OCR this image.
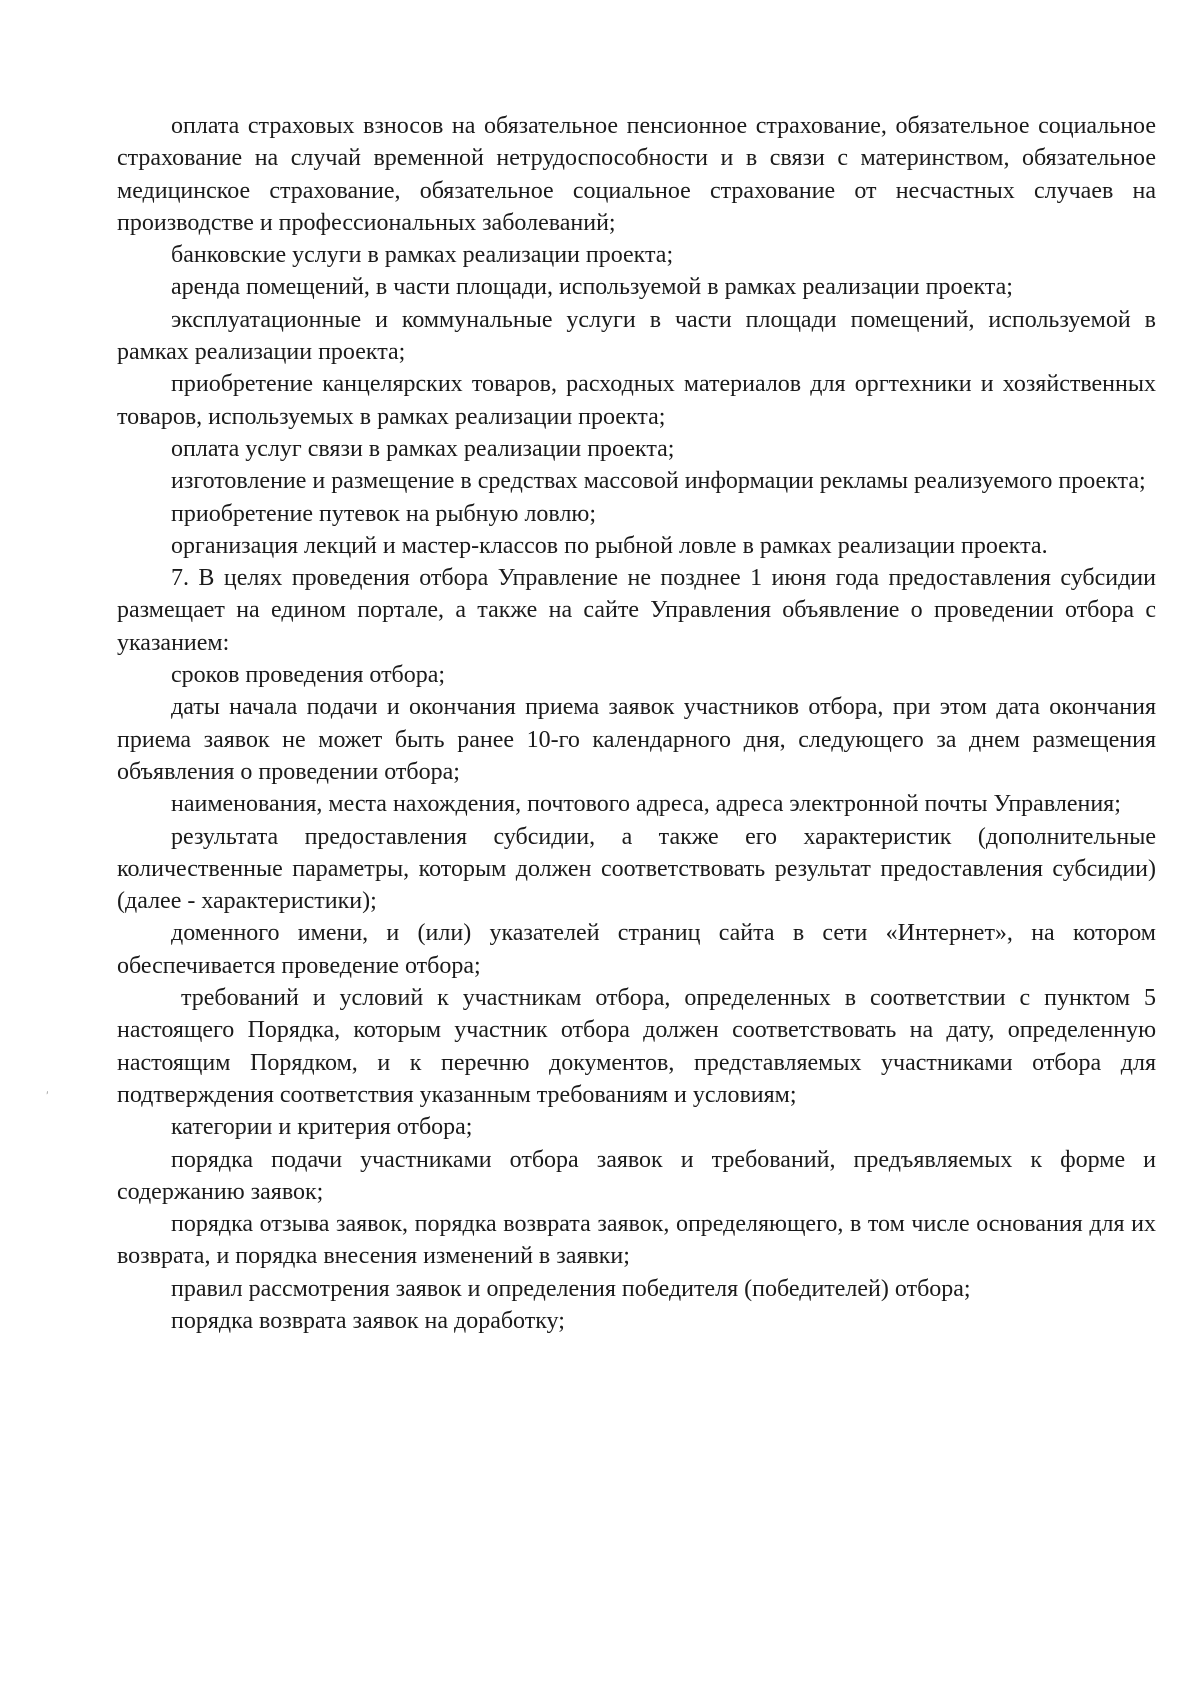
оплата страховых взносов на обязательное пенсионное страхование, обязательное социальное страхование на случай временной нетрудоспособности и в связи с материнством, обязательное медицинское страхование, обязательное социальное страхование от несчастных случаев на производстве и профессиональных заболеваний;

банковские услуги в рамках реализации проекта;

аренда помещений, в части площади, используемой в рамках реализации проекта;

эксплуатационные и коммунальные услуги в части площади помещений, используемой в рамках реализации проекта;

приобретение канцелярских товаров, расходных материалов для оргтехники и хозяйственных товаров, используемых в рамках реализации проекта;

оплата услуг связи в рамках реализации проекта;

изготовление и размещение в средствах массовой информации рекламы реализуемого проекта;

приобретение путевок на рыбную ловлю;

организация лекций и мастер-классов по рыбной ловле в рамках реализации проекта.

7. В целях проведения отбора Управление не позднее 1 июня года предоставления субсидии размещает на едином портале, а также на сайте Управления объявление о проведении отбора с указанием:

сроков проведения отбора;

даты начала подачи и окончания приема заявок участников отбора, при этом дата окончания приема заявок не может быть ранее 10-го календарного дня, следующего за днем размещения объявления о проведении отбора;

наименования, места нахождения, почтового адреса, адреса электронной почты Управления;

результата предоставления субсидии, а также его характеристик (дополнительные количественные параметры, которым должен соответствовать результат предоставления субсидии) (далее - характеристики);

доменного имени, и (или) указателей страниц сайта в сети «Интернет», на котором обеспечивается проведение отбора;

требований и условий к участникам отбора, определенных в соответствии с пунктом 5 настоящего Порядка, которым участник отбора должен соответствовать на дату, определенную настоящим Порядком, и к перечню документов, представляемых участниками отбора для подтверждения соответствия указанным требованиям и условиям;

категории и критерия отбора;

порядка подачи участниками отбора заявок и требований, предъявляемых к форме и содержанию заявок;

порядка отзыва заявок, порядка возврата заявок, определяющего, в том числе основания для их возврата, и порядка внесения изменений в заявки;

правил рассмотрения заявок и определения победителя (победителей) отбора;

порядка возврата заявок на доработку;

ˏ
